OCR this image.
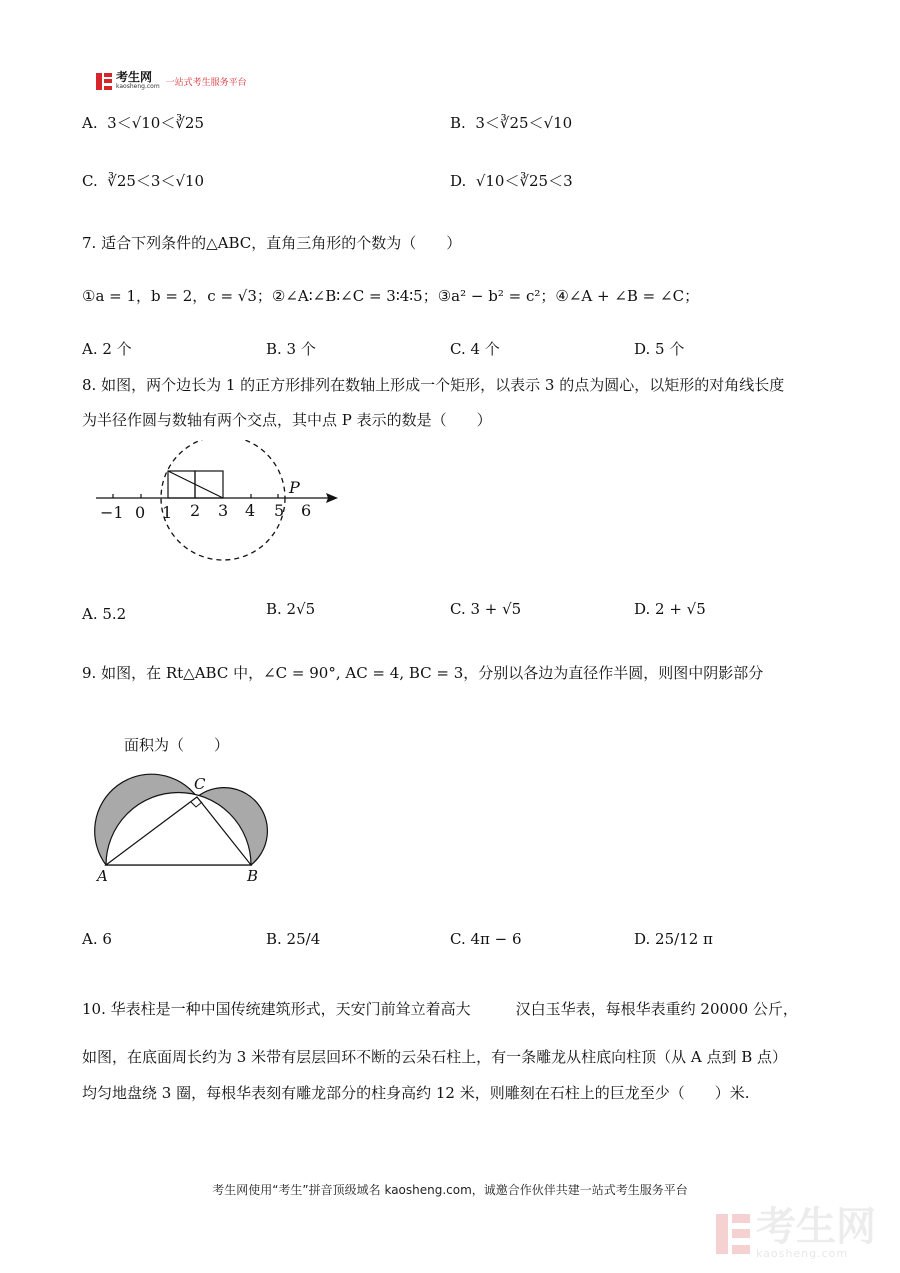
考生网
kaosheng.com 一站式考生服务平台
A. 3＜√10＜∛25	B. 3＜∛25＜√10
C. ∛25＜3＜√10	D. √10＜∛25＜3
7. 适合下列条件的△ABC，直角三角形的个数为（　　）
①a = 1，b = 2，c = √3；②∠A∶∠B∶∠C = 3∶4∶5；③a² − b² = c²；④∠A + ∠B = ∠C；
A. 2 个	B. 3 个	C. 4 个	D. 5 个
8. 如图，两个边长为 1 的正方形排列在数轴上形成一个矩形，以表示 3 的点为圆心，以矩形的对角线长度
为半径作圆与数轴有两个交点，其中点 P 表示的数是（　　）
−1 0 1 2 3 4 5 6
P
A. 5.2	B. 2√5	C. 3 + √5	D. 2 + √5
9. 如图，在 Rt△ABC 中，∠C = 90°, AC = 4, BC = 3，分别以各边为直径作半圆，则图中阴影部分
面积为（　　）
A	B
C
A. 6	B. 25/4	C. 4π − 6	D. 25/12 π
10. 华表柱是一种中国传统建筑形式，天安门前耸立着高大　　　汉白玉华表，每根华表重约 20000 公斤，
如图，在底面周长约为 3 米带有层层回环不断的云朵石柱上，有一条雕龙从柱底向柱顶（从 A 点到 B 点）
均匀地盘绕 3 圈，每根华表刻有雕龙部分的柱身高约 12 米，则雕刻在石柱上的巨龙至少（　　）米.
考生网使用“考生”拼音顶级域名 kaosheng.com，诚邀合作伙伴共建一站式考生服务平台
考生网
kaosheng.com
